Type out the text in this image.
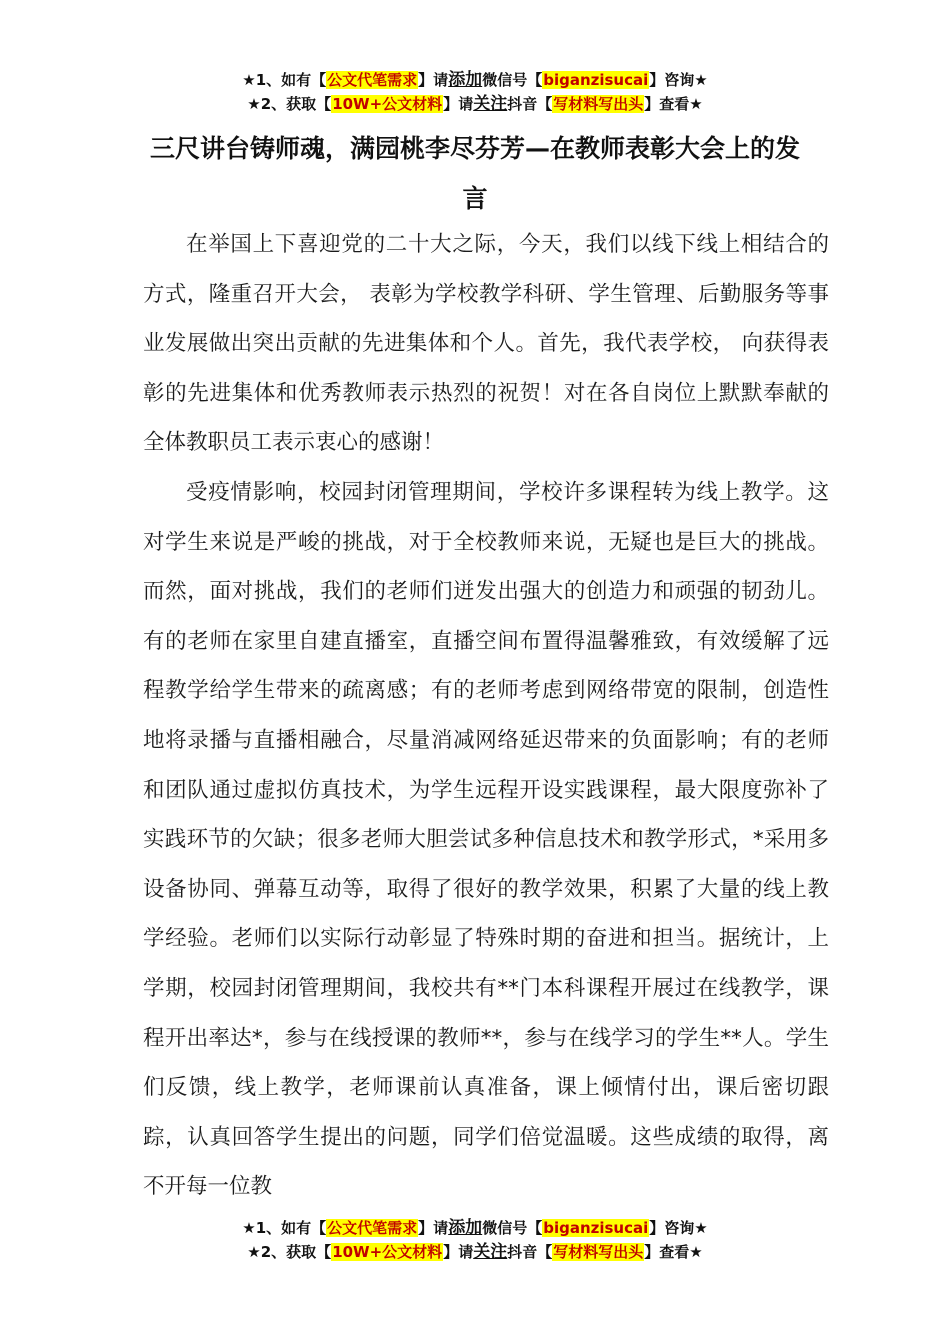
★1、如有【公文代笔需求】请添加微信号【biganzisucai】咨询★
★2、获取【10W+公文材料】请关注抖音【写材料写出头】查看★
三尺讲台铸师魂，满园桃李尽芬芳—在教师表彰大会上的发言

在举国上下喜迎党的二十大之际，今天，我们以线下线上相结合的方式，隆重召开大会， 表彰为学校教学科研、学生管理、后勤服务等事业发展做出突出贡献的先进集体和个人。首先，我代表学校， 向获得表彰的先进集体和优秀教师表示热烈的祝贺！对在各自岗位上默默奉献的全体教职员工表示衷心的感谢！

受疫情影响，校园封闭管理期间，学校许多课程转为线上教学。这对学生来说是严峻的挑战，对于全校教师来说，无疑也是巨大的挑战。而然，面对挑战，我们的老师们迸发出强大的创造力和顽强的韧劲儿。有的老师在家里自建直播室，直播空间布置得温馨雅致，有效缓解了远程教学给学生带来的疏离感；有的老师考虑到网络带宽的限制，创造性地将录播与直播相融合，尽量消减网络延迟带来的负面影响；有的老师和团队通过虚拟仿真技术，为学生远程开设实践课程，最大限度弥补了实践环节的欠缺；很多老师大胆尝试多种信息技术和教学形式，*采用多设备协同、弹幕互动等，取得了很好的教学效果，积累了大量的线上教学经验。老师们以实际行动彰显了特殊时期的奋进和担当。据统计，上学期，校园封闭管理期间，我校共有**门本科课程开展过在线教学，课程开出率达*，参与在线授课的教师**，参与在线学习的学生**人。学生们反馈，线上教学，老师课前认真准备，课上倾情付出，课后密切跟踪，认真回答学生提出的问题，同学们倍觉温暖。这些成绩的取得，离不开每一位教

★1、如有【公文代笔需求】请添加微信号【biganzisucai】咨询★
★2、获取【10W+公文材料】请关注抖音【写材料写出头】查看★
